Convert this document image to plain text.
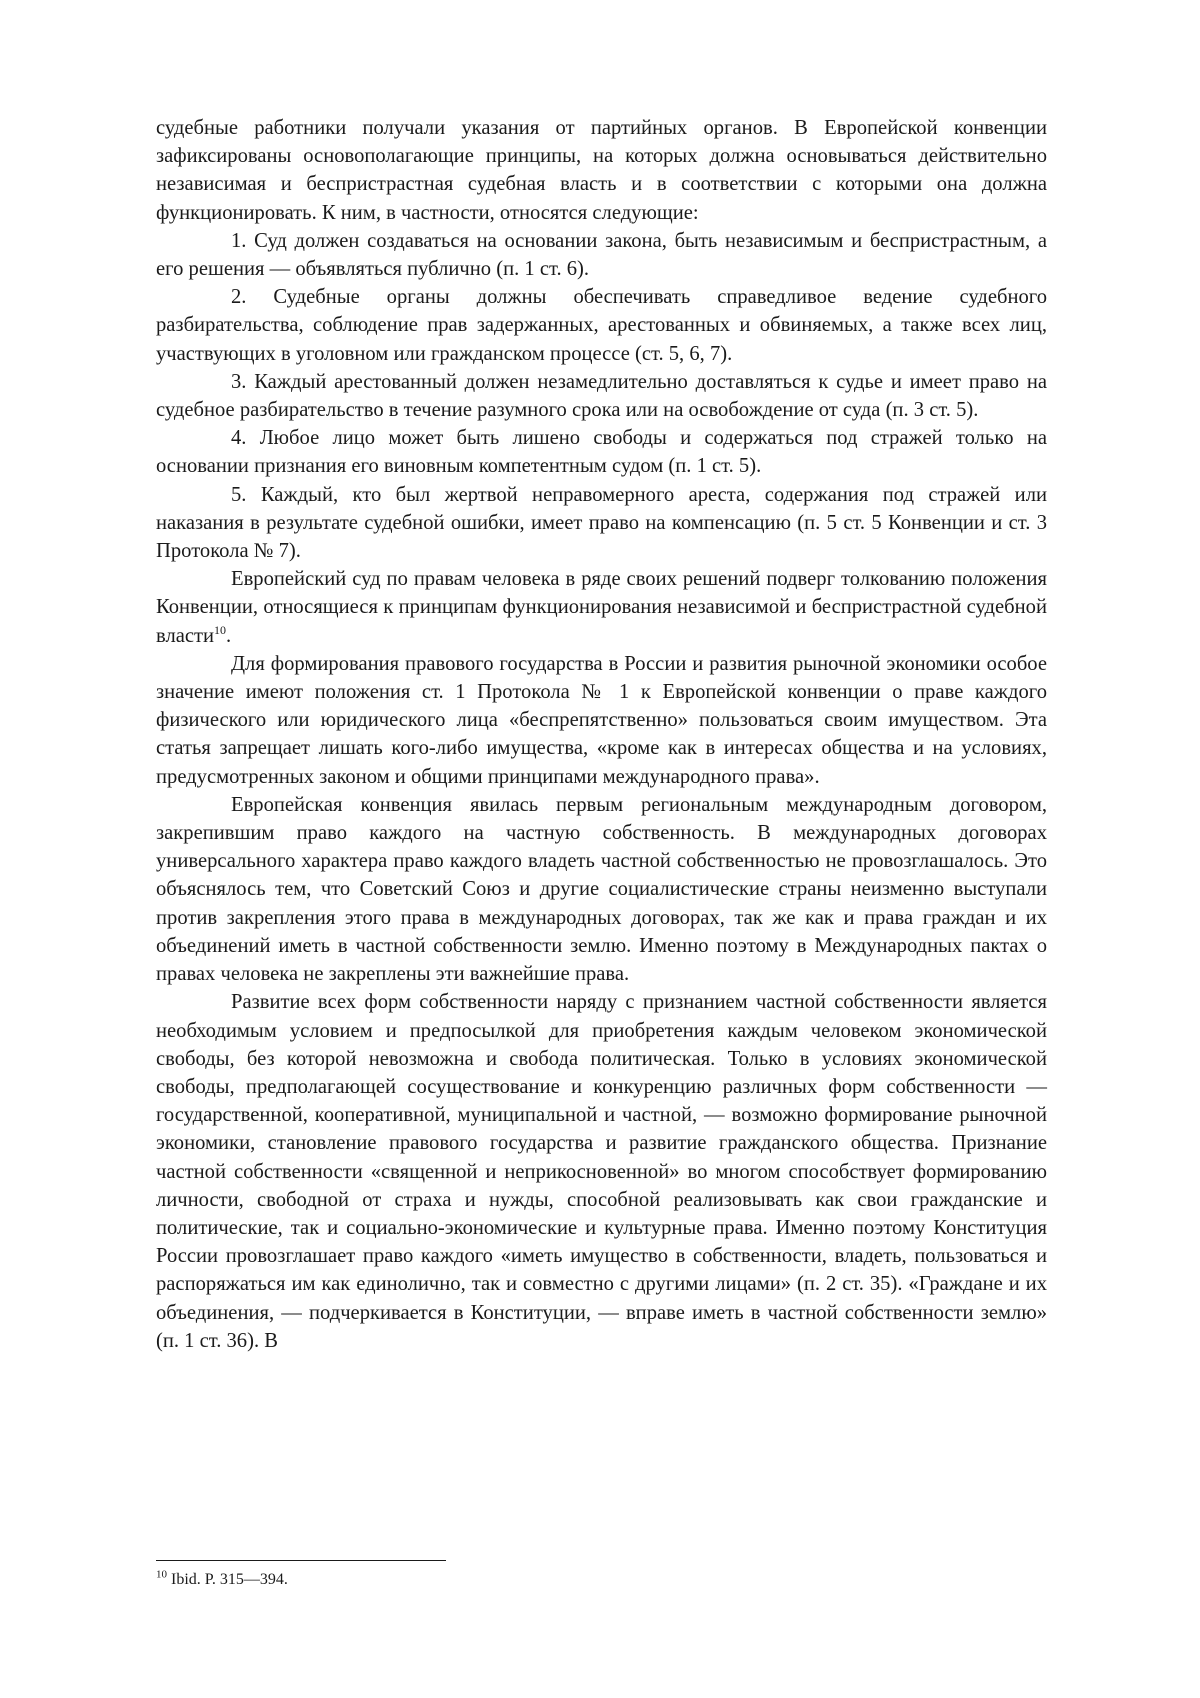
судебные работники получали указания от партийных органов. В Европейской конвенции зафиксированы основополагающие принципы, на которых должна основываться действительно независимая и беспристрастная судебная власть и в соответствии с которыми она должна функционировать. К ним, в частности, относятся следующие:

1. Суд должен создаваться на основании закона, быть независимым и беспристрастным, а его решения — объявляться публично (п. 1 ст. 6).

2. Судебные органы должны обеспечивать справедливое ведение судебного разбирательства, соблюдение прав задержанных, арестованных и обвиняемых, а также всех лиц, участвующих в уголовном или гражданском процессе (ст. 5, 6, 7).

3. Каждый арестованный должен незамедлительно доставляться к судье и имеет право на судебное разбирательство в течение разумного срока или на освобождение от суда (п. 3 ст. 5).

4. Любое лицо может быть лишено свободы и содержаться под стражей только на основании признания его виновным компетентным судом (п. 1 ст. 5).

5. Каждый, кто был жертвой неправомерного ареста, содержания под стражей или наказания в результате судебной ошибки, имеет право на компенсацию (п. 5 ст. 5 Конвенции и ст. 3 Протокола № 7).

Европейский суд по правам человека в ряде своих решений подверг толкованию положения Конвенции, относящиеся к принципам функционирования независимой и беспристрастной судебной власти10.

Для формирования правового государства в России и развития рыночной экономики особое значение имеют положения ст. 1 Протокола № 1 к Европейской конвенции о праве каждого физического или юридического лица «беспрепятственно» пользоваться своим имуществом. Эта статья запрещает лишать кого-либо имущества, «кроме как в интересах общества и на условиях, предусмотренных законом и общими принципами международного права».

Европейская конвенция явилась первым региональным международным договором, закрепившим право каждого на частную собственность. В международных договорах универсального характера право каждого владеть частной собственностью не провозглашалось. Это объяснялось тем, что Советский Союз и другие социалистические страны неизменно выступали против закрепления этого права в международных договорах, так же как и права граждан и их объединений иметь в частной собственности землю. Именно поэтому в Международных пактах о правах человека не закреплены эти важнейшие права.

Развитие всех форм собственности наряду с признанием частной собственности является необходимым условием и предпосылкой для приобретения каждым человеком экономической свободы, без которой невозможна и свобода политическая. Только в условиях экономической свободы, предполагающей сосуществование и конкуренцию различных форм собственности — государственной, кооперативной, муниципальной и частной, — возможно формирование рыночной экономики, становление правового государства и развитие гражданского общества. Признание частной собственности «священной и неприкосновенной» во многом способствует формированию личности, свободной от страха и нужды, способной реализовывать как свои гражданские и политические, так и социально-экономические и культурные права. Именно поэтому Конституция России провозглашает право каждого «иметь имущество в собственности, владеть, пользоваться и распоряжаться им как единолично, так и совместно с другими лицами» (п. 2 ст. 35). «Граждане и их объединения, — подчеркивается в Конституции, — вправе иметь в частной собственности землю» (п. 1 ст. 36). В

10 Ibid. P. 315—394.
